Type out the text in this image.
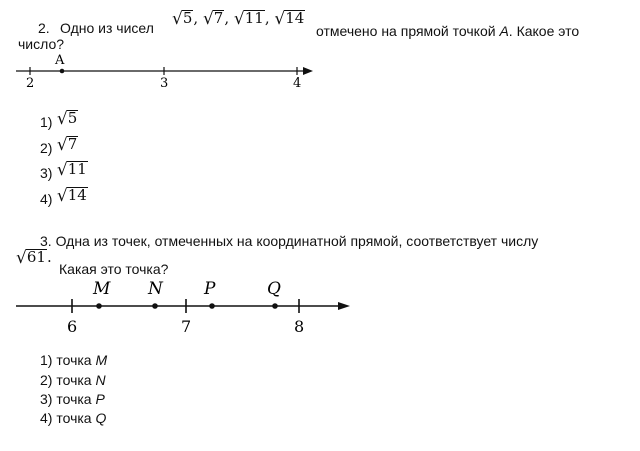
2. Одно из чисел √ 5 , √ 7 , √ 11 , √ 14
отмечено на прямой точкой A. Какое это
число?
A
2	3	4
1) √ 5
2) √ 7
3) √ 11
4) √ 14
3. Одна из точек, отмеченных на координатной прямой, соответствует числу
√ 61 .
Какая это точка?
M N P	Q
6	7	8
1) точка M
2) точка N
3) точка P
4) точка Q
